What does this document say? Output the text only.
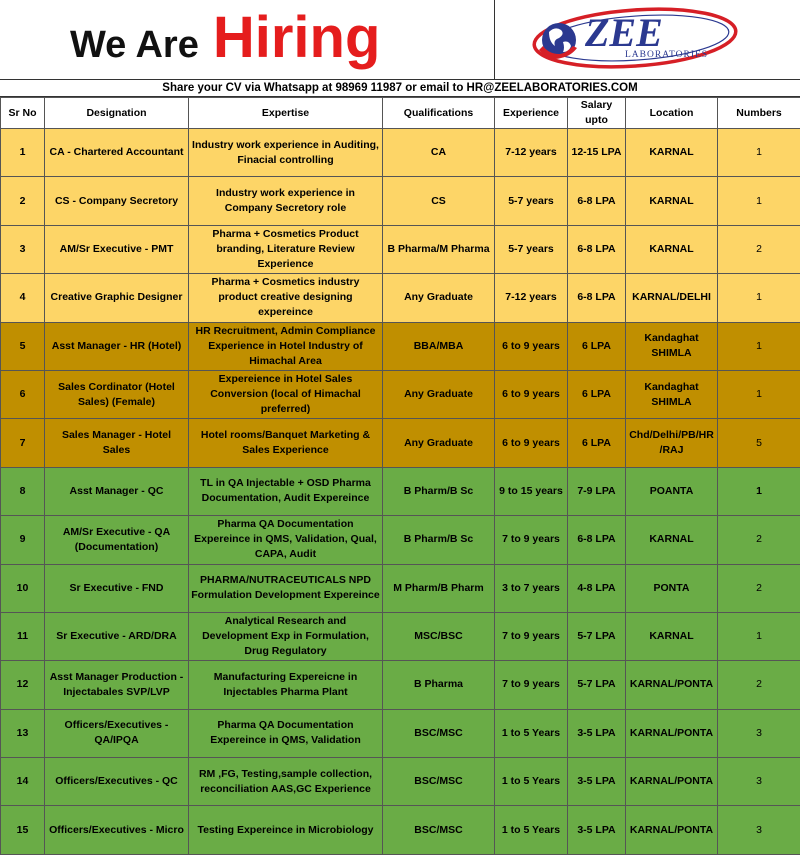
We Are Hiring	ZEE
LABORATORIES
Share your CV via Whatsapp at 98969 11987 or email to HR@ZEELABORATORIES.COM
Sr No	Designation	Expertise	Qualifications	Experience	Salary upto	Location	Numbers
1	CA - Chartered Accountant	Industry work experience in Auditing, Finacial controlling	CA	7-12 years	12-15 LPA	KARNAL	1
2	CS - Company Secretory	Industry work experience in Company Secretory role	CS	5-7 years	6-8 LPA	KARNAL	1
3	AM/Sr Executive - PMT	Pharma + Cosmetics Product branding, Literature Review Experience	B Pharma/M Pharma	5-7 years	6-8 LPA	KARNAL	2
4	Creative Graphic Designer	Pharma + Cosmetics industry product creative designing expereince	Any Graduate	7-12 years	6-8 LPA	KARNAL/DELHI	1
5	Asst Manager - HR (Hotel)	HR Recruitment, Admin Compliance Experience in Hotel Industry of Himachal Area	BBA/MBA	6 to 9 years	6 LPA	Kandaghat SHIMLA	1
6	Sales Cordinator (Hotel Sales) (Female)	Expereience in Hotel Sales Conversion (local of Himachal preferred)	Any Graduate	6 to 9 years	6 LPA	Kandaghat SHIMLA	1
7	Sales Manager - Hotel Sales	Hotel rooms/Banquet Marketing & Sales Experience	Any Graduate	6 to 9 years	6 LPA	Chd/Delhi/PB/HR /RAJ	5
8	Asst Manager - QC	TL in QA Injectable + OSD Pharma Documentation, Audit Expereince	B Pharm/B Sc	9 to 15 years	7-9 LPA	POANTA	1
9	AM/Sr Executive - QA (Documentation)	Pharma QA Documentation Expereince in QMS, Validation, Qual, CAPA, Audit	B Pharm/B Sc	7 to 9 years	6-8 LPA	KARNAL	2
10	Sr Executive - FND	PHARMA/NUTRACEUTICALS NPD Formulation Development Expereince	M Pharm/B Pharm	3 to 7 years	4-8 LPA	PONTA	2
11	Sr Executive - ARD/DRA	Analytical Research and Development Exp in Formulation, Drug Regulatory	MSC/BSC	7 to 9 years	5-7 LPA	KARNAL	1
12	Asst Manager Production - Injectabales SVP/LVP	Manufacturing Expereicne in Injectables Pharma Plant	B Pharma	7 to 9 years	5-7 LPA	KARNAL/PONTA	2
13	Officers/Executives - QA/IPQA	Pharma QA Documentation Expereince in QMS, Validation	BSC/MSC	1 to 5 Years	3-5 LPA	KARNAL/PONTA	3
14	Officers/Executives - QC	RM ,FG, Testing,sample collection, reconciliation AAS,GC Experience	BSC/MSC	1 to 5 Years	3-5 LPA	KARNAL/PONTA	3
15	Officers/Executives - Micro	Testing Expereince in Microbiology	BSC/MSC	1 to 5 Years	3-5 LPA	KARNAL/PONTA	3
